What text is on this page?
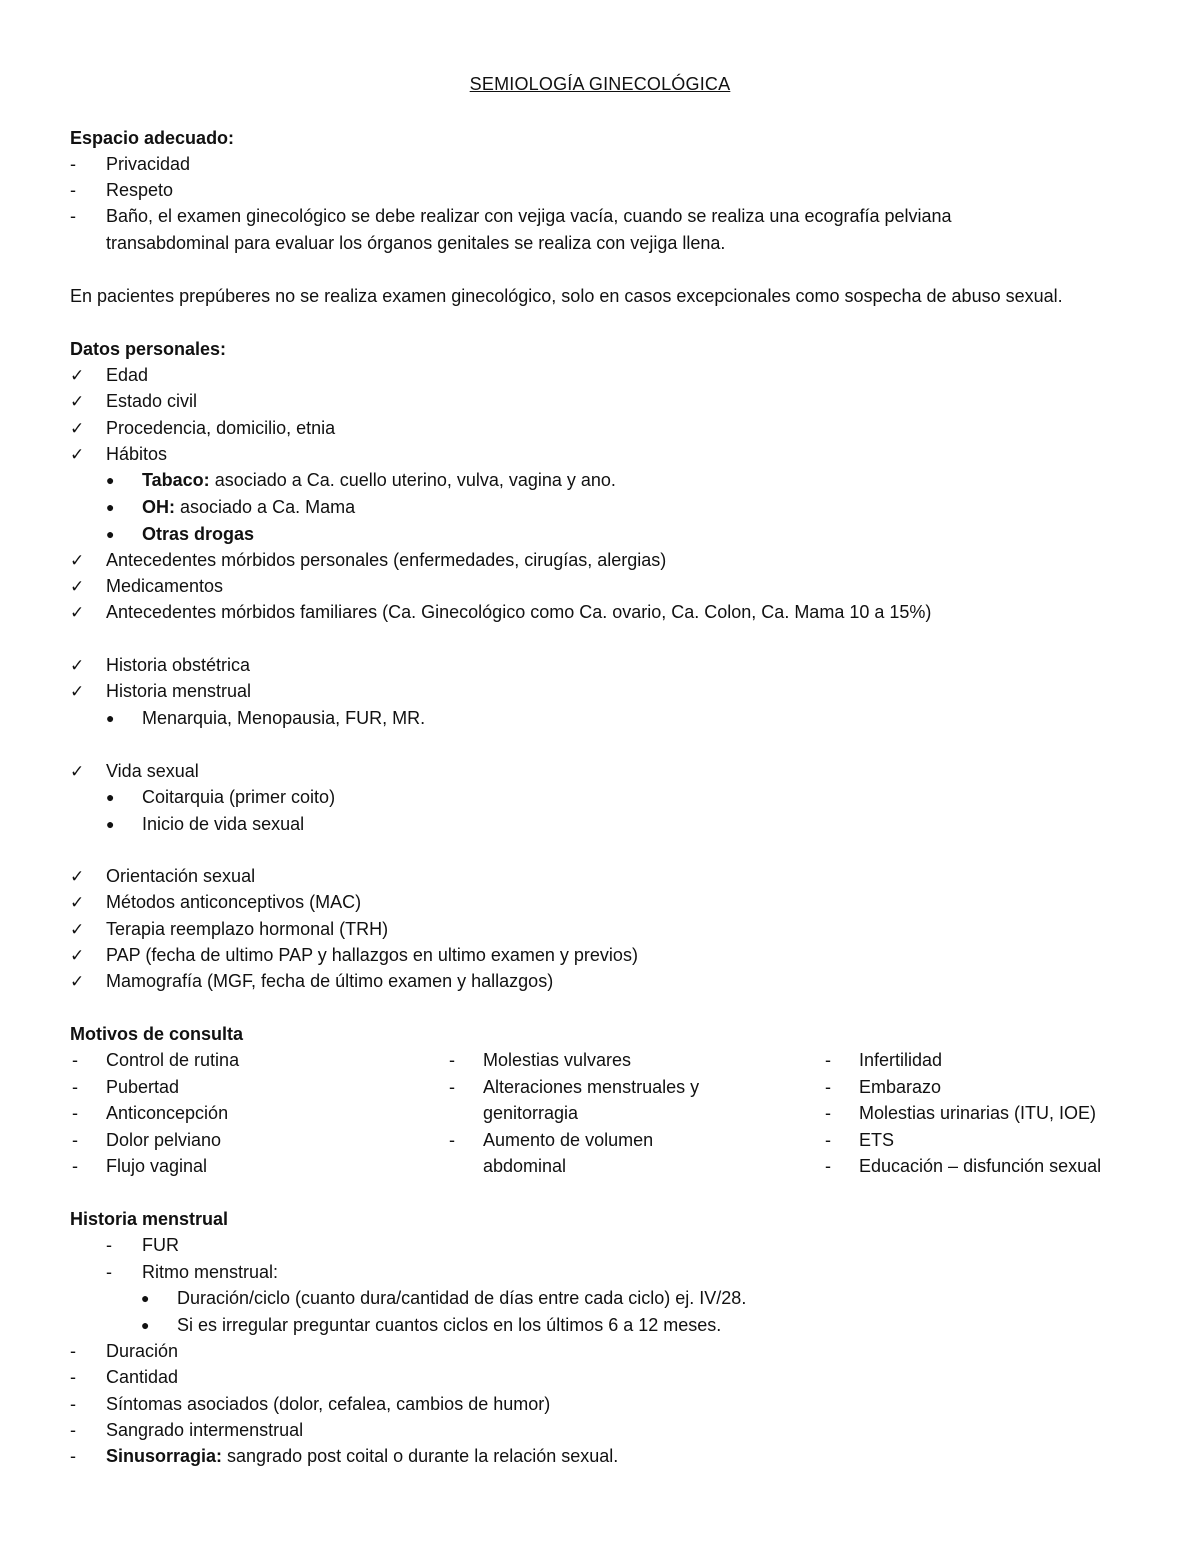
SEMIOLOGÍA GINECOLÓGICA
Espacio adecuado:
- Privacidad
- Respeto
- Baño, el examen ginecológico se debe realizar con vejiga vacía, cuando se realiza una ecografía pelviana
transabdominal para evaluar los órganos genitales se realiza con vejiga llena.
En pacientes prepúberes no se realiza examen ginecológico, solo en casos excepcionales como sospecha de abuso sexual.
Datos personales:
✓ Edad
✓ Estado civil
✓ Procedencia, domicilio, etnia
✓ Hábitos
● Tabaco: asociado a Ca. cuello uterino, vulva, vagina y ano.
● OH: asociado a Ca. Mama
● Otras drogas
✓ Antecedentes mórbidos personales (enfermedades, cirugías, alergias)
✓ Medicamentos
✓ Antecedentes mórbidos familiares (Ca. Ginecológico como Ca. ovario, Ca. Colon, Ca. Mama 10 a 15%)
✓ Historia obstétrica
✓ Historia menstrual
● Menarquia, Menopausia, FUR, MR.
✓ Vida sexual
● Coitarquia (primer coito)
● Inicio de vida sexual
✓ Orientación sexual
✓ Métodos anticonceptivos (MAC)
✓ Terapia reemplazo hormonal (TRH)
✓ PAP (fecha de ultimo PAP y hallazgos en ultimo examen y previos)
✓ Mamografía (MGF, fecha de último examen y hallazgos)
Motivos de consulta
- Control de rutina
- Pubertad
- Anticoncepción
- Dolor pelviano
- Flujo vaginal
- Molestias vulvares
- Alteraciones menstruales y
genitorragia
- Aumento de volumen
abdominal
- Infertilidad
- Embarazo
- Molestias urinarias (ITU, IOE)
- ETS
- Educación – disfunción sexual
Historia menstrual
- FUR
- Ritmo menstrual:
● Duración/ciclo (cuanto dura/cantidad de días entre cada ciclo) ej. IV/28.
● Si es irregular preguntar cuantos ciclos en los últimos 6 a 12 meses.
- Duración
- Cantidad
- Síntomas asociados (dolor, cefalea, cambios de humor)
- Sangrado intermenstrual
- Sinusorragia: sangrado post coital o durante la relación sexual.
